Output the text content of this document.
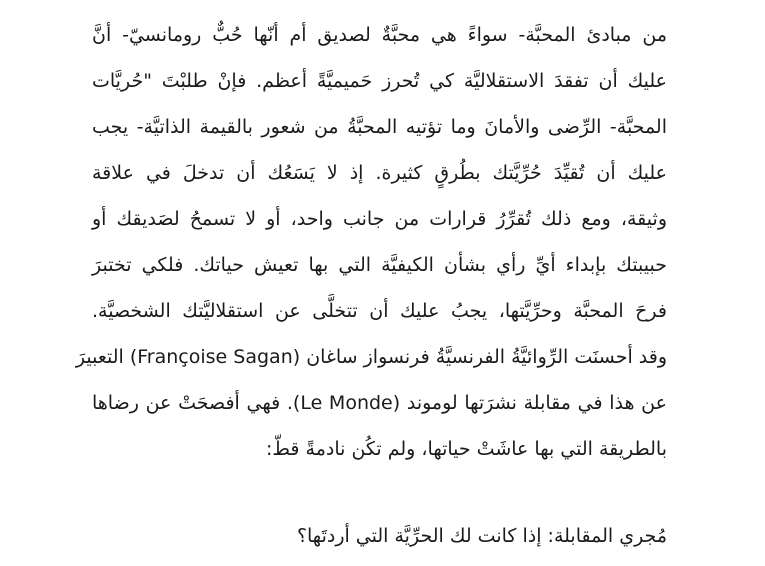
من مبادئ المحبَّة- سواءً هي محبَّةٌ لصديق أم أنّها حُبٌّ رومانسيّ- أنَّ
عليك أن تفقدَ الاستقلاليَّة كي تُحرز حَميميَّةً أعظم. فإنْ طلبْتَ "حُريَّات
المحبَّة- الرِّضى والأمانَ وما تؤتيه المحبَّةُ من شعور بالقيمة الذاتيَّة- يجب
عليك أن تُقيِّدَ حُرِّيَّتك بطُرقٍ كثيرة. إذ لا يَسَعُك أن تدخلَ في علاقة
وثيقة، ومع ذلك تُقرِّرُ قرارات من جانب واحد، أو لا تسمحُ لصَديقك أو
حبيبتك بإبداء أيِّ رأي بشأن الكيفيَّة التي بها تعيش حياتك. فلكي تختبرَ
فرحَ المحبَّة وحرِّيَّتها، يجبُ عليك أن تتخلَّى عن استقلاليَّتك الشخصيَّة.
وقد أحسنَت الرِّوائيَّةُ الفرنسيَّةُ فرنسواز ساغان (Françoise Sagan) التعبيرَ
عن هذا في مقابلة نشرَتها لوموند (Le Monde). فهي أفصحَتْ عن رضاها
بالطريقة التي بها عاشَتْ حياتها، ولم تكُن نادمةً قطّ:
مُجري المقابلة: إذا كانت لك الحرِّيَّة التي أردتَها؟
